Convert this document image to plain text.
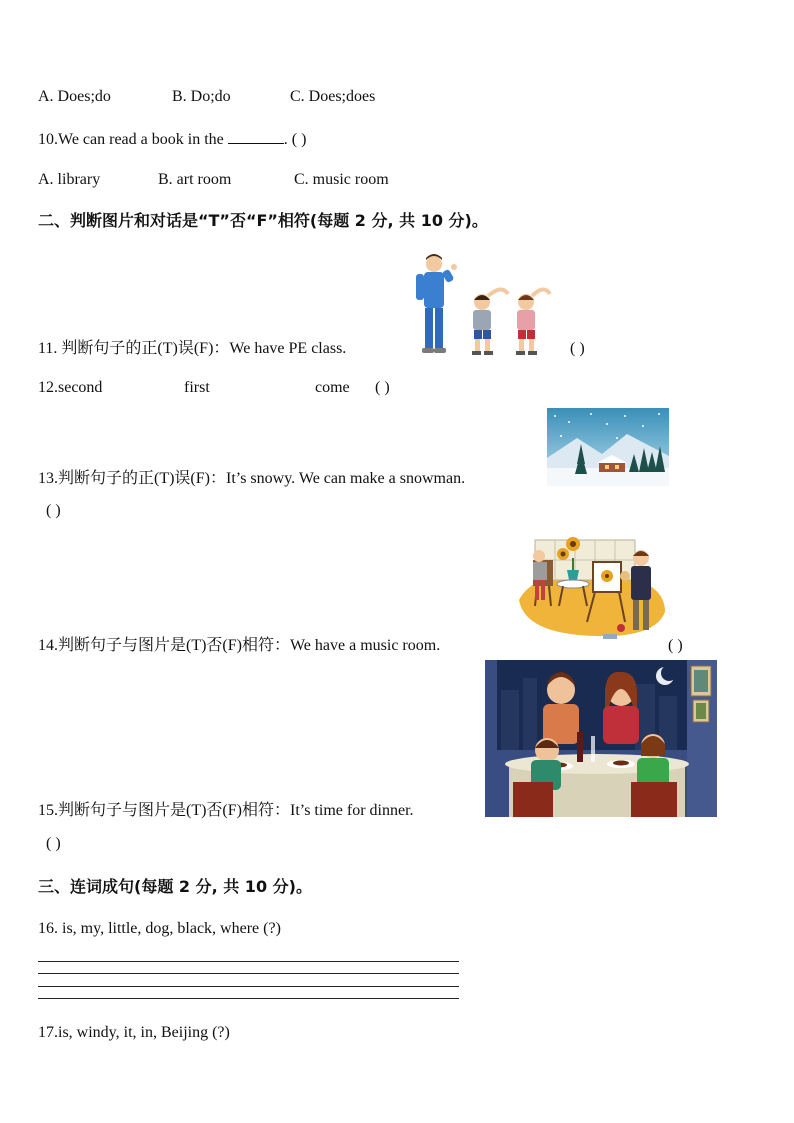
A. Does;do	B. Do;do	C. Does;does
10.We can read a book in the	. ( )
A. library	B. art room	C. music room
二、判断图片和对话是“T”否“F”相符(每题 2 分, 共 10 分)。
11. 判断句子的正(T)误(F)：We have PE class.	( )
12.second	first	come ( )
13.判断句子的正(T)误(F)：It’s snowy. We can make a snowman.
( )
14.判断句子与图片是(T)否(F)相符：We have a music room.	( )
15.判断句子与图片是(T)否(F)相符：It’s time for dinner.
( )
三、连词成句(每题 2 分, 共 10 分)。
16. is, my, little, dog, black, where (?)
17.is, windy, it, in, Beijing (?)
